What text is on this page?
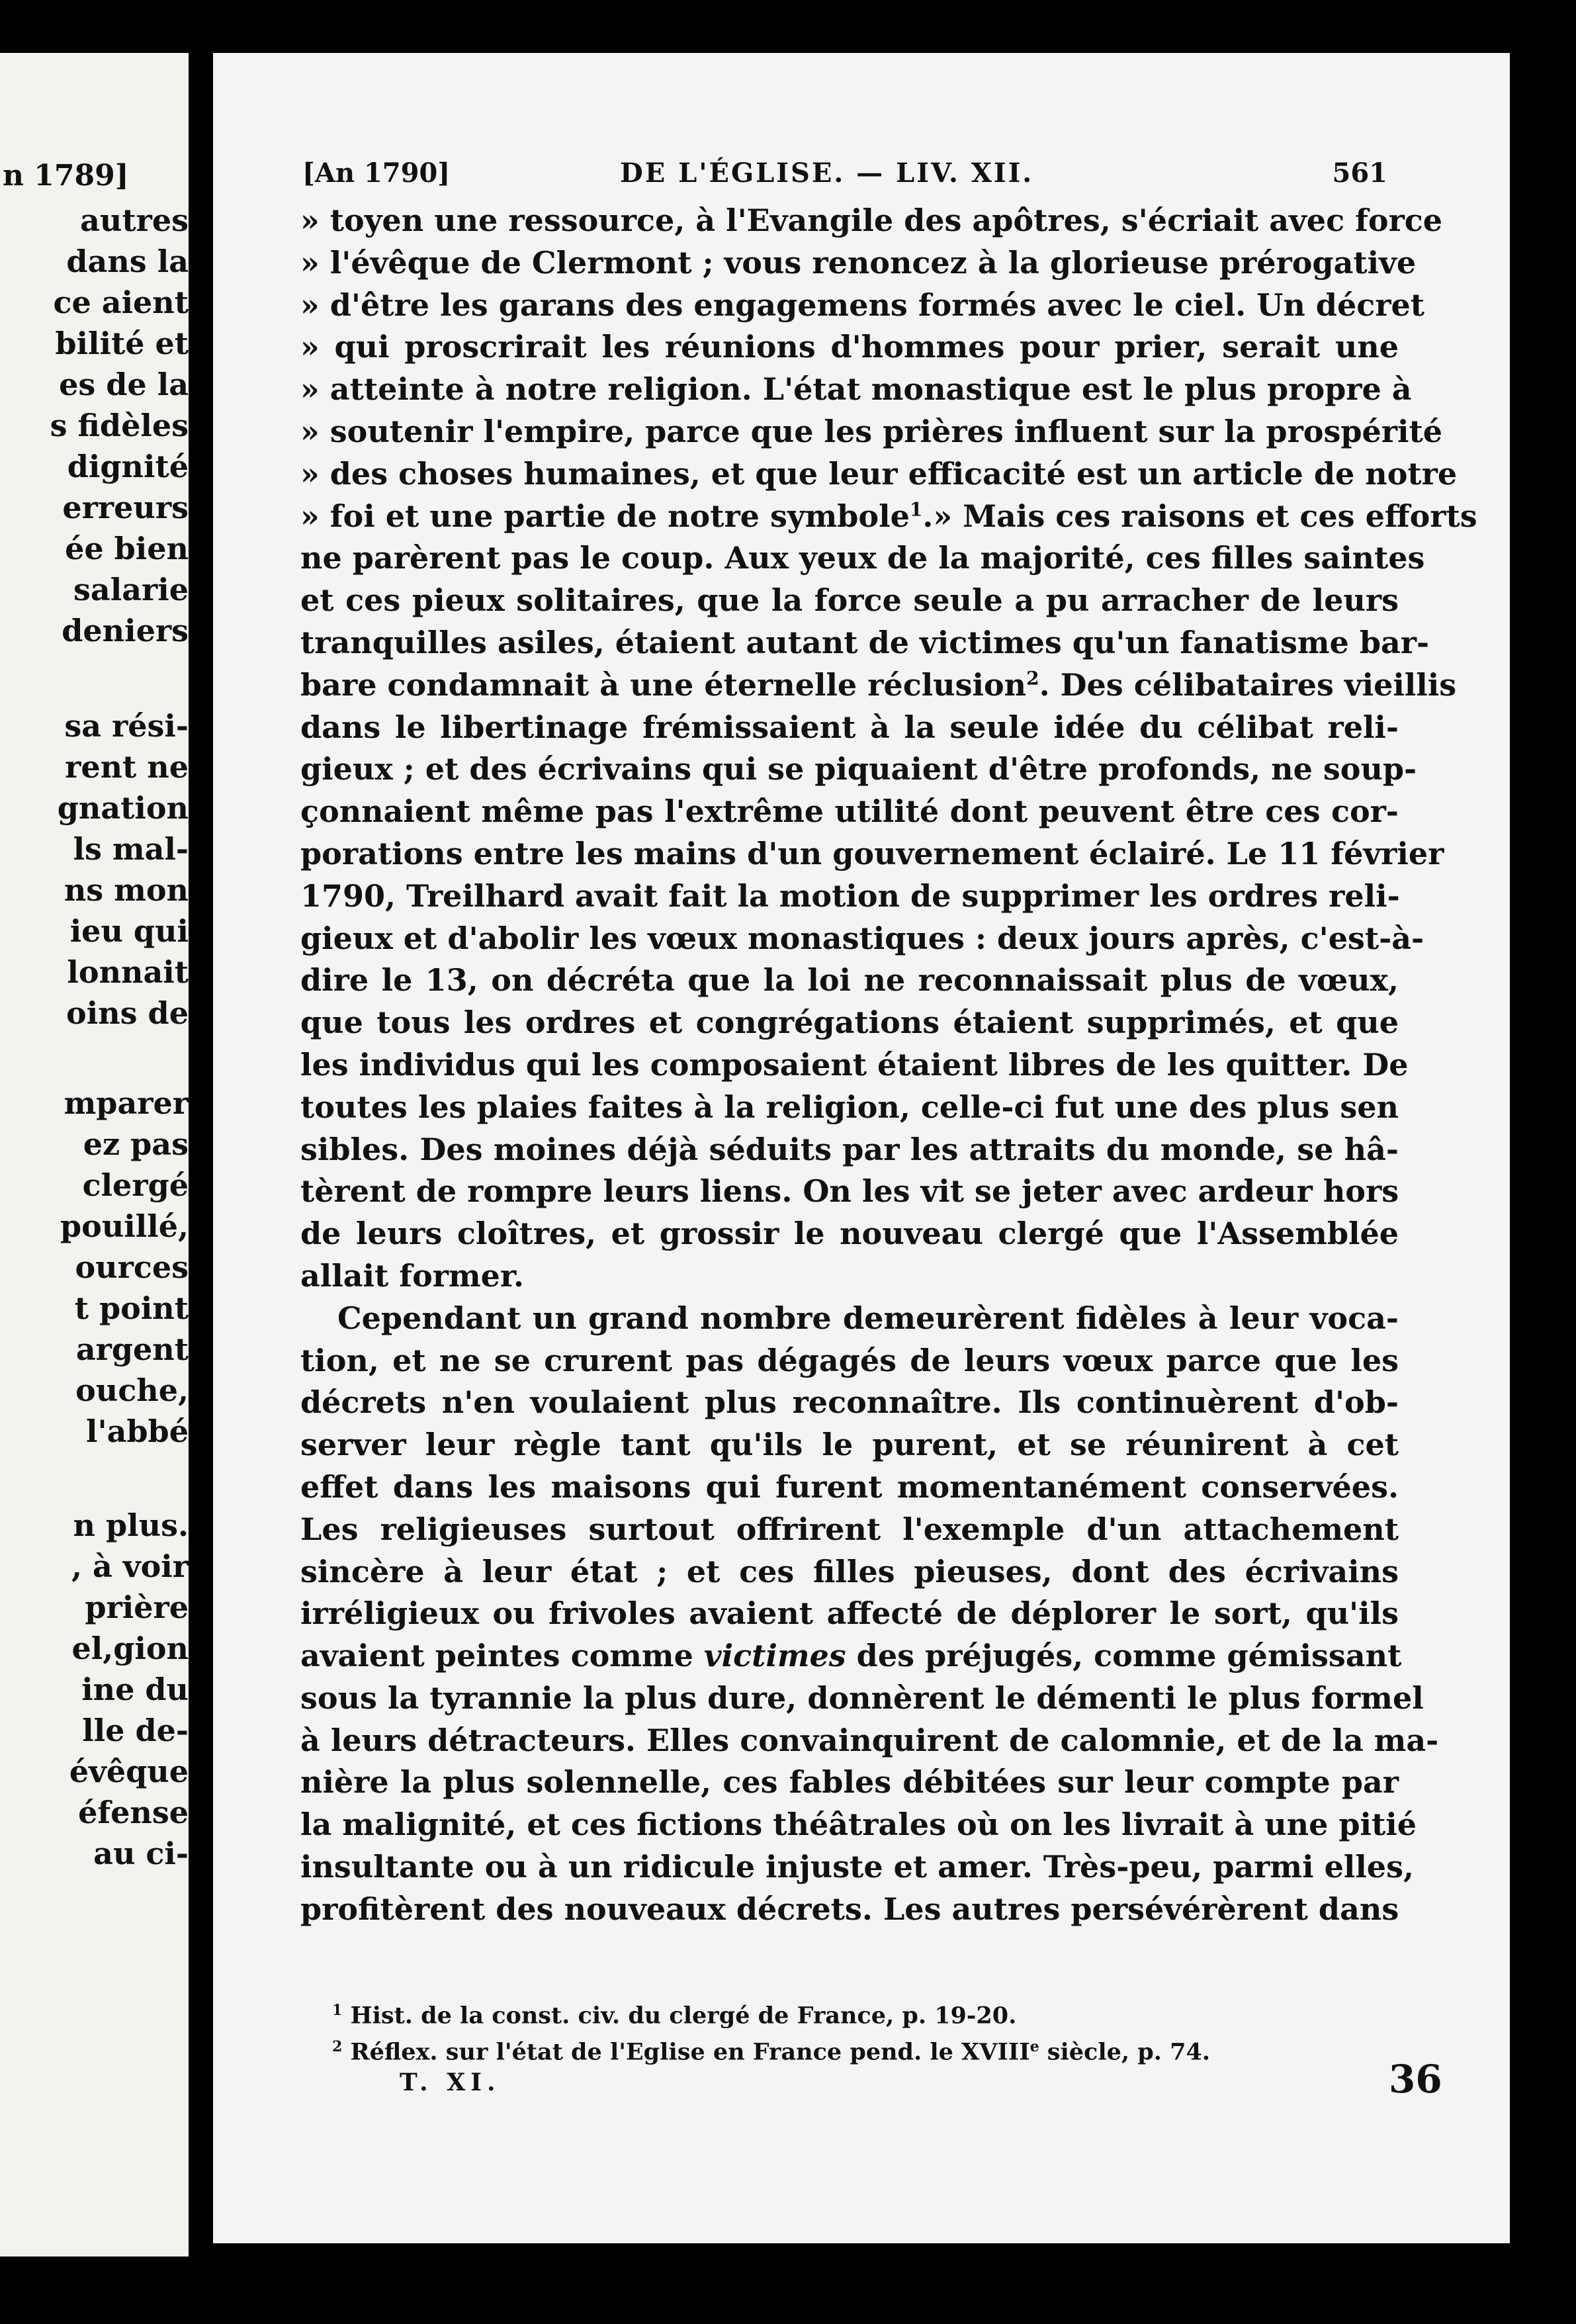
n 1789]
autres
dans la
ce aient
bilité et
es de la
s fidèles
dignité
erreurs
ée bien
salarie
deniers
sa rési-
rent ne
gnation
ls mal-
ns mon
ieu qui
lonnait
oins de
mparer
ez pas
clergé
pouillé,
ources
t point
argent
ouche,
l'abbé
n plus.
, à voir
prière
el,gion
ine du
lle de-
évêque
éfense
au ci-
[An 1790]	DE L'ÉGLISE. — LIV. XII.	561
» toyen une ressource, à l'Evangile des apôtres, s'écriait avec force
» l'évêque de Clermont ; vous renoncez à la glorieuse prérogative
» d'être les garans des engagemens formés avec le ciel. Un décret
» qui proscrirait les réunions d'hommes pour prier, serait une
» atteinte à notre religion. L'état monastique est le plus propre à
» soutenir l'empire, parce que les prières influent sur la prospérité
» des choses humaines, et que leur efficacité est un article de notre
» foi et une partie de notre symbole$^1$.» Mais ces raisons et ces efforts
ne parèrent pas le coup. Aux yeux de la majorité, ces filles saintes
et ces pieux solitaires, que la force seule a pu arracher de leurs
tranquilles asiles, étaient autant de victimes qu'un fanatisme bar-
bare condamnait à une éternelle réclusion$^2$. Des célibataires vieillis
dans le libertinage frémissaient à la seule idée du célibat reli-
gieux ; et des écrivains qui se piquaient d'être profonds, ne soup-
çonnaient même pas l'extrême utilité dont peuvent être ces cor-
porations entre les mains d'un gouvernement éclairé. Le 11 février
1790, Treilhard avait fait la motion de supprimer les ordres reli-
gieux et d'abolir les vœux monastiques : deux jours après, c'est-à-
dire le 13, on décréta que la loi ne reconnaissait plus de vœux,
que tous les ordres et congrégations étaient supprimés, et que
les individus qui les composaient étaient libres de les quitter. De
toutes les plaies faites à la religion, celle-ci fut une des plus sen
sibles. Des moines déjà séduits par les attraits du monde, se hâ-
tèrent de rompre leurs liens. On les vit se jeter avec ardeur hors
de leurs cloîtres, et grossir le nouveau clergé que l'Assemblée
allait former.
Cependant un grand nombre demeurèrent fidèles à leur voca-
tion, et ne se crurent pas dégagés de leurs vœux parce que les
décrets n'en voulaient plus reconnaître. Ils continuèrent d'ob-
server leur règle tant qu'ils le purent, et se réunirent à cet
effet dans les maisons qui furent momentanément conservées.
Les religieuses surtout offrirent l'exemple d'un attachement
sincère à leur état ; et ces filles pieuses, dont des écrivains
irréligieux ou frivoles avaient affecté de déplorer le sort, qu'ils
avaient peintes comme victimes des préjugés, comme gémissant
sous la tyrannie la plus dure, donnèrent le démenti le plus formel
à leurs détracteurs. Elles convainquirent de calomnie, et de la ma-
nière la plus solennelle, ces fables débitées sur leur compte par
la malignité, et ces fictions théâtrales où on les livrait à une pitié
insultante ou à un ridicule injuste et amer. Très-peu, parmi elles,
profitèrent des nouveaux décrets. Les autres persévérèrent dans
$^1$ Hist. de la const. civ. du clergé de France, p. 19-20.
$^2$ Réflex. sur l'état de l'Eglise en France pend. le XVIIIe siècle, p. 74.
T. XI.	36
